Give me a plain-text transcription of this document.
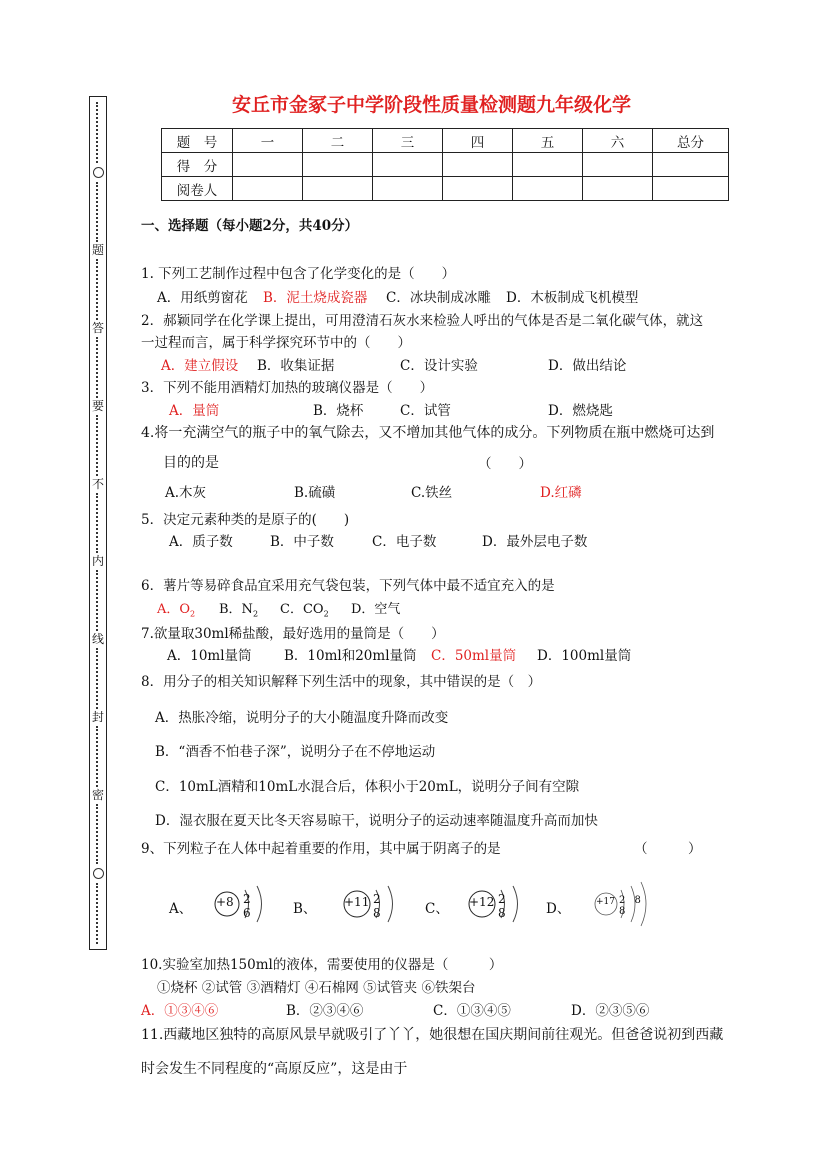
题
答
要
不
内
线
封
密
安丘市金冢子中学阶段性质量检测题九年级化学
题　号	一	二	三	四	五	六	总分
得　分							
阅卷人							
一、选择题（每小题2分，共40分）
1. 下列工艺制作过程中包含了化学变化的是（　　）
A．用纸剪窗花 B．泥土烧成瓷器 C．冰块制成冰雕 D．木板制成飞机模型
2．郝颖同学在化学课上提出，可用澄清石灰水来检验人呼出的气体是否是二氧化碳气体，就这
一过程而言，属于科学探究环节中的（　　）
A．建立假设 B．收集证据	C．设计实验	D．做出结论
3．下列不能用酒精灯加热的玻璃仪器是（　　）
A．量筒	B．烧杯	C．试管	D．燃烧匙
4.将一充满空气的瓶子中的氧气除去，又不增加其他气体的成分。下列物质在瓶中燃烧可达到
目的的是	（　　）
A.木灰	B.硫磺	C.铁丝	D.红磷
5．决定元素种类的是原子的(　　)
A．质子数	B．中子数	C．电子数	D．最外层电子数
6．薯片等易碎食品宜采用充气袋包装，下列气体中最不适宜充入的是
A．$O_2$ B．$N_2$ C．$CO_2$ D．空气
7.欲量取30ml稀盐酸，最好选用的量筒是（　　）
A．10ml量筒 B．10ml和20ml量筒 C．50ml量筒 D．100ml量筒
8．用分子的相关知识解释下列生活中的现象，其中错误的是（　）
A．热胀冷缩，说明分子的大小随温度升降而改变
B．“酒香不怕巷子深”，说明分子在不停地运动
C．10mL酒精和10mL水混合后，体积小于20mL，说明分子间有空隙
D．湿衣服在夏天比冬天容易晾干，说明分子的运动速率随温度升高而加快
9、下列粒子在人体中起着重要的作用，其中属于阴离子的是	（　　　）
A、 +8 2 6	B、 +11 2 8	C、 +12 2 8	D、	+17 2 8 8
10.实验室加热150ml的液体，需要使用的仪器是（　　　）
①烧杯 ②试管 ③酒精灯 ④石棉网 ⑤试管夹 ⑥铁架台
A．①③④⑥	B．②③④⑥	C．①③④⑤	D．②③⑤⑥
11.西藏地区独特的高原风景早就吸引了丫丫，她很想在国庆期间前往观光。但爸爸说初到西藏
时会发生不同程度的“高原反应”，这是由于
